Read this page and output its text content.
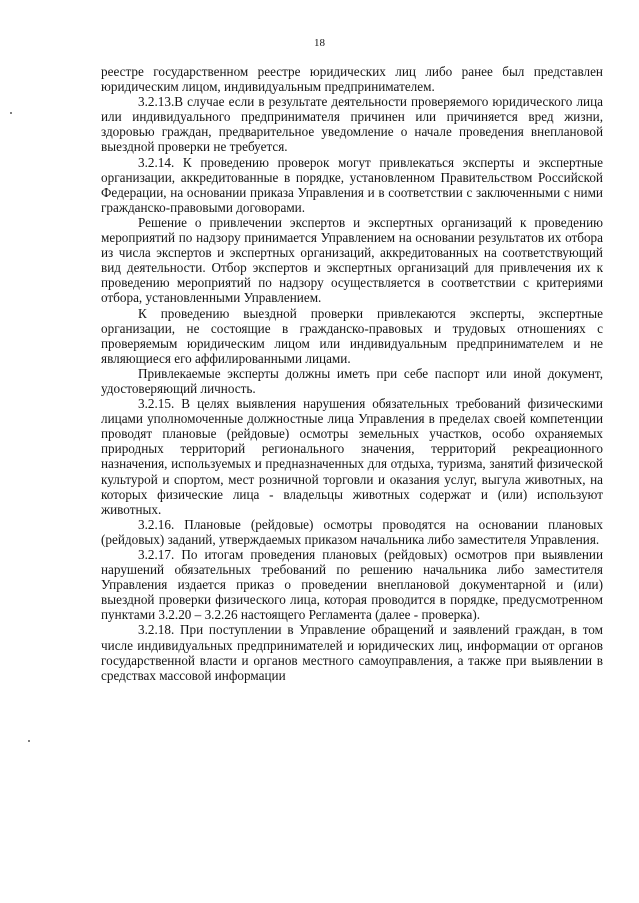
18

реестре государственном реестре юридических лиц либо ранее был представлен юридическим лицом, индивидуальным предпринимателем.

3.2.13.В случае если в результате деятельности проверяемого юридического лица или индивидуального предпринимателя причинен или причиняется вред жизни, здоровью граждан, предварительное уведомление о начале проведения внеплановой выездной проверки не требуется.

3.2.14. К проведению проверок могут привлекаться эксперты и экспертные организации, аккредитованные в порядке, установленном Правительством Российской Федерации, на основании приказа Управления и в соответствии с заключенными с ними гражданско-правовыми договорами.

Решение о привлечении экспертов и экспертных организаций к проведению мероприятий по надзору принимается Управлением на основании результатов их отбора из числа экспертов и экспертных организаций, аккредитованных на соответствующий вид деятельности. Отбор экспертов и экспертных организаций для привлечения их к проведению мероприятий по надзору осуществляется в соответствии с критериями отбора, установленными Управлением.

К проведению выездной проверки привлекаются эксперты, экспертные организации, не состоящие в гражданско-правовых и трудовых отношениях с проверяемым юридическим лицом или индивидуальным предпринимателем и не являющиеся его аффилированными лицами.

Привлекаемые эксперты должны иметь при себе паспорт или иной документ, удостоверяющий личность.

3.2.15. В целях выявления нарушения обязательных требований физическими лицами уполномоченные должностные лица Управления в пределах своей компетенции проводят плановые (рейдовые) осмотры земельных участков, особо охраняемых природных территорий регионального значения, территорий рекреационного назначения, используемых и предназначенных для отдыха, туризма, занятий физической культурой и спортом, мест розничной торговли и оказания услуг, выгула животных, на которых физические лица - владельцы животных содержат и (или) используют животных.

3.2.16. Плановые (рейдовые) осмотры проводятся на основании плановых (рейдовых) заданий, утверждаемых приказом начальника либо заместителя Управления.

3.2.17. По итогам проведения плановых (рейдовых) осмотров при выявлении нарушений обязательных требований по решению начальника либо заместителя Управления издается приказ о проведении внеплановой документарной и (или) выездной проверки физического лица, которая проводится в порядке, предусмотренном пунктами 3.2.20 – 3.2.26 настоящего Регламента (далее - проверка).

3.2.18. При поступлении в Управление обращений и заявлений граждан, в том числе индивидуальных предпринимателей и юридических лиц, информации от органов государственной власти и органов местного самоуправления, а также при выявлении в средствах массовой информации
